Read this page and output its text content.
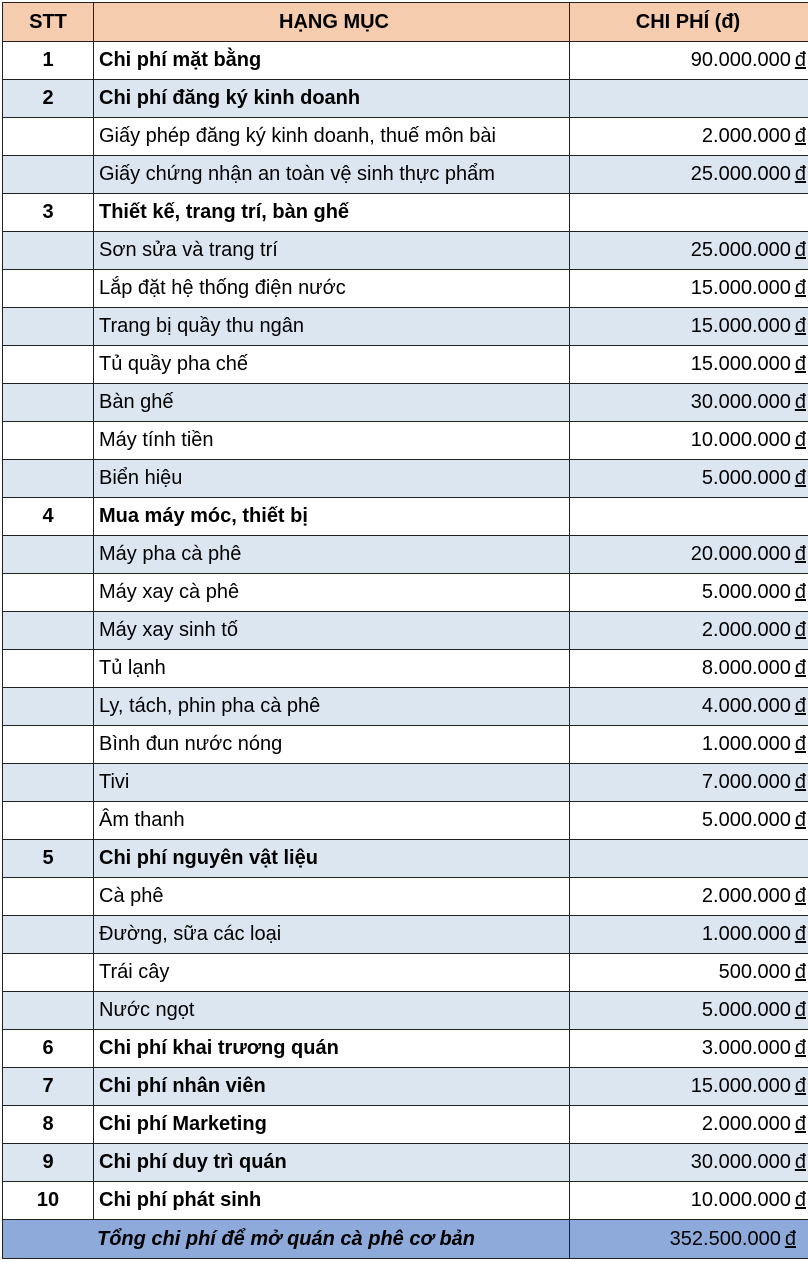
STT	HẠNG MỤC	CHI PHÍ (đ)
1	Chi phí mặt bằng	90.000.000 đ
2	Chi phí đăng ký kinh doanh	
	Giấy phép đăng ký kinh doanh, thuế môn bài	2.000.000 đ
	Giấy chứng nhận an toàn vệ sinh thực phẩm	25.000.000 đ
3	Thiết kế, trang trí, bàn ghế	
	Sơn sửa và trang trí	25.000.000 đ
	Lắp đặt hệ thống điện nước	15.000.000 đ
	Trang bị quầy thu ngân	15.000.000 đ
	Tủ quầy pha chế	15.000.000 đ
	Bàn ghế	30.000.000 đ
	Máy tính tiền	10.000.000 đ
	Biển hiệu	5.000.000 đ
4	Mua máy móc, thiết bị	
	Máy pha cà phê	20.000.000 đ
	Máy xay cà phê	5.000.000 đ
	Máy xay sinh tố	2.000.000 đ
	Tủ lạnh	8.000.000 đ
	Ly, tách, phin pha cà phê	4.000.000 đ
	Bình đun nước nóng	1.000.000 đ
	Tivi	7.000.000 đ
	Âm thanh	5.000.000 đ
5	Chi phí nguyên vật liệu	
	Cà phê	2.000.000 đ
	Đường, sữa các loại	1.000.000 đ
	Trái cây	500.000 đ
	Nước ngọt	5.000.000 đ
6	Chi phí khai trương quán	3.000.000 đ
7	Chi phí nhân viên	15.000.000 đ
8	Chi phí Marketing	2.000.000 đ
9	Chi phí duy trì quán	30.000.000 đ
10	Chi phí phát sinh	10.000.000 đ
Tổng chi phí để mở quán cà phê cơ bản		352.500.000 đ
